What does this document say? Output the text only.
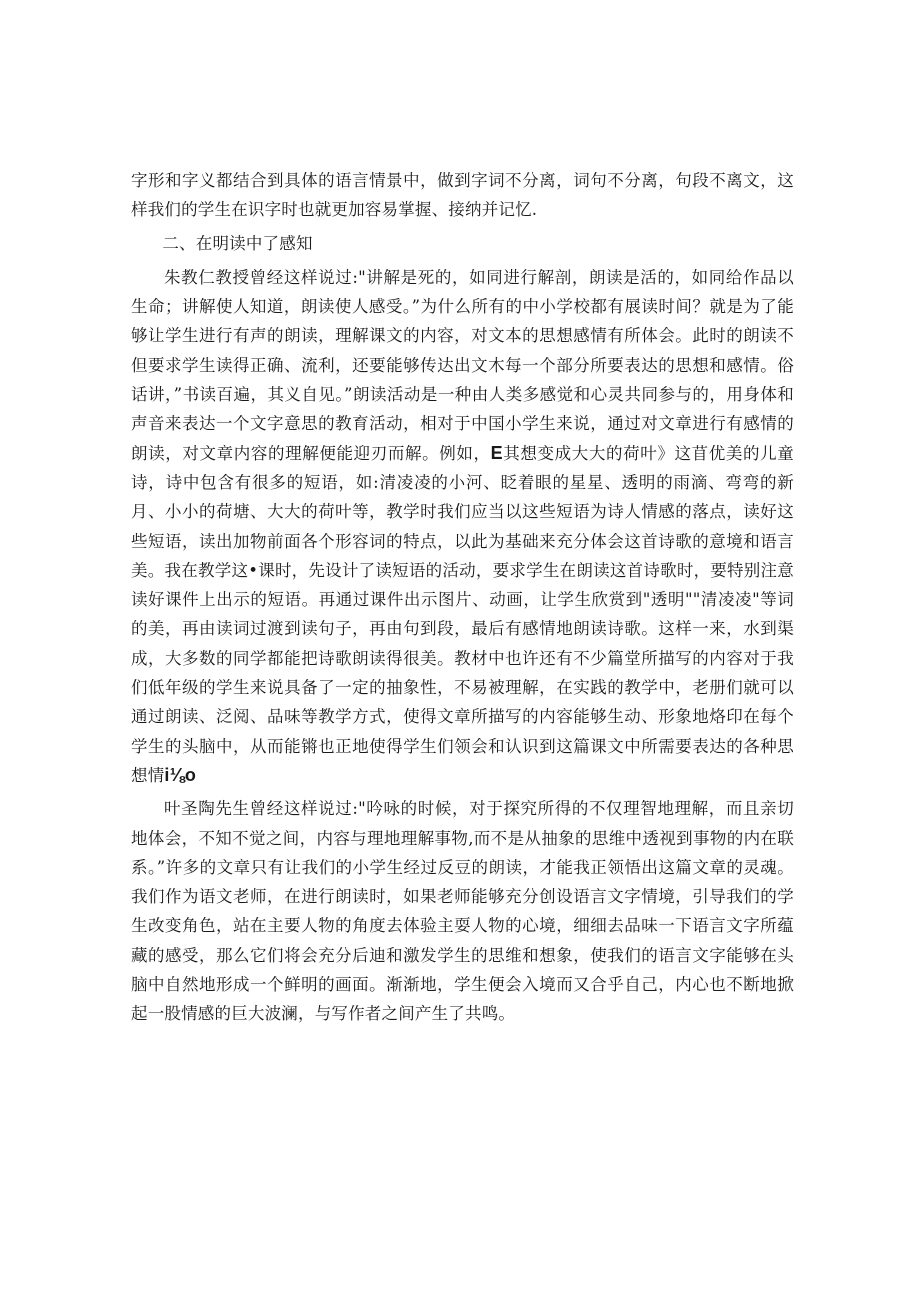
字形和字义都结合到具体的语言情景中，做到字词不分离，词句不分离，句段不离文，这样我们的学生在识字时也就更加容易掌握、接纳并记忆.

二、在明读中了感知

朱教仁教授曾经这样说过:"讲解是死的，如同进行解剖，朗读是活的，如同给作品以生命；讲解使人知道，朗读使人感受。”为什么所有的中小学校都有展读时间？就是为了能够让学生进行有声的朗读，理解课文的内容，对文本的思想感情有所体会。此时的朗读不但要求学生读得正确、流利，还要能够传达出文木每一个部分所要表达的思想和感情。俗话讲，”书读百遍，其义自见。”朗读活动是一种由人类多感觉和心灵共同参与的，用身体和声音来表达一个文字意思的教育活动，相对于中国小学生来说，通过对文章进行有感情的朗读，对文章内容的理解便能迎刃而解。例如，E其想变成大大的荷叶》这苜优美的儿童诗，诗中包含有很多的短语，如:清凌凌的小河、眨着眼的星星、透明的雨滴、弯弯的新月、小小的荷塘、大大的荷叶等，教学时我们应当以这些短语为诗人情感的落点，读好这些短语，读出加物前面各个形容词的特点，以此为基础来充分体会这首诗歌的意境和语言美。我在教学这•课时，先设计了读短语的活动，要求学生在朗读这首诗歌时，要特别注意读好课件上出示的短语。再通过课件出示图片、动画，让学生欣赏到"透明""清凌凌"等词的美，再由读词过渡到读句子，再由句到段，最后有感情地朗读诗歌。这样一来，水到渠成，大多数的同学都能把诗歌朗读得很美。教材中也许还有不少篇堂所描写的内容对于我们低年级的学生来说具备了一定的抽象性，不易被理解，在实践的教学中，老册们就可以通过朗读、泛阅、品味等教学方式，使得文章所描写的内容能够生动、形象地烙印在每个学生的头脑中，从而能锵也正地使得学生们领会和认识到这篇课文中所需要表达的各种思想情i⅛o

叶圣陶先生曾经这样说过:"吟咏的时候，对于探究所得的不仅理智地理解，而且亲切地体会，不知不觉之间，内容与理地理解事物,而不是从抽象的思维中透视到事物的内在联系。”许多的文章只有让我们的小学生经过反豆的朗读，才能我正领悟出这篇文章的灵魂。我们作为语文老师，在进行朗读时，如果老师能够充分创设语言文字情境，引导我们的学生改变角色，站在主要人物的角度去体验主耍人物的心境，细细去品味一下语言文字所蕴藏的感受，那么它们将会充分后迪和激发学生的思维和想象，使我们的语言文字能够在头脑中自然地形成一个鲜明的画面。渐渐地，学生便会入境而又合乎自己，内心也不断地掀起一股情感的巨大波澜，与写作者之间产生了共鸣。
